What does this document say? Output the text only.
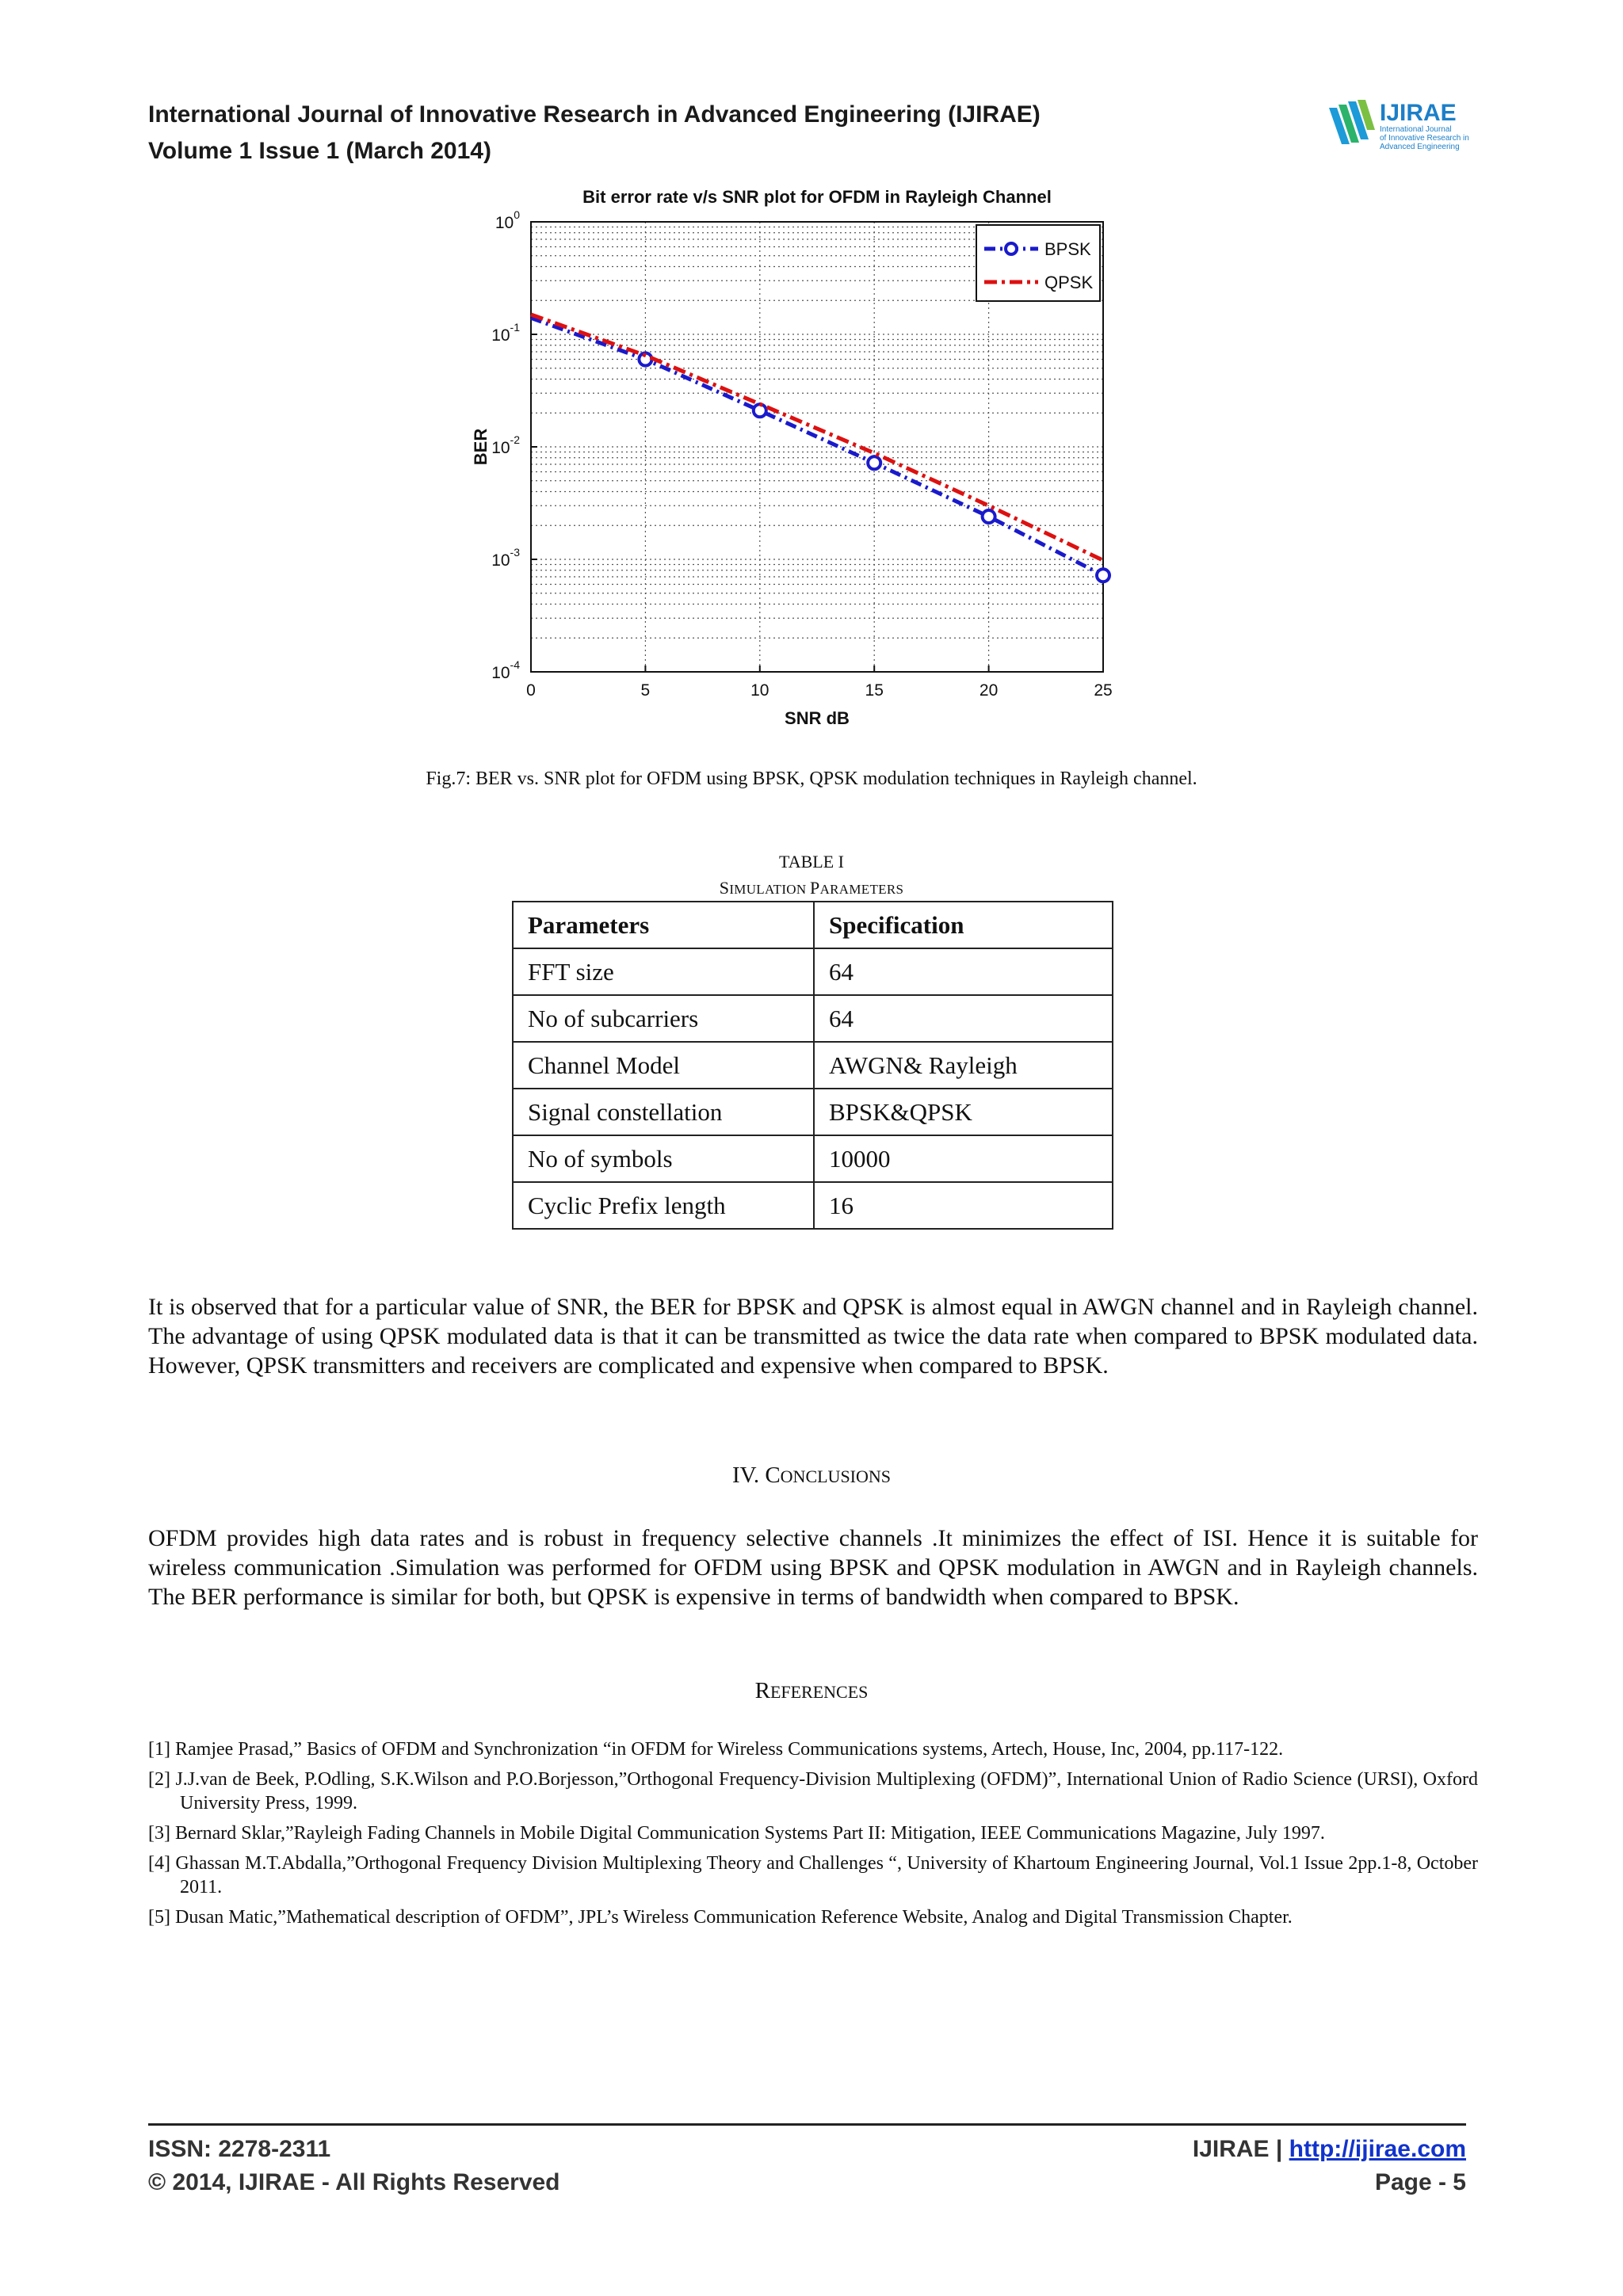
International Journal of Innovative Research in Advanced Engineering (IJIRAE)
Volume 1 Issue 1 (March 2014)
IJIRAE
International Journal
of Innovative Research in
Advanced Engineering
Bit error rate v/s SNR plot for OFDM in Rayleigh Channel
0	5	10	15	20	25
$10^0$
$10^{-1}$
$10^{-2}$
$10^{-3}$
$10^{-4}$
SNR dB
BER
BPSK
QPSK
Fig.7: BER vs. SNR plot for OFDM using BPSK, QPSK modulation techniques in Rayleigh channel.
TABLE I
SIMULATION PARAMETERS
Parameters	Specification
FFT size	64
No of subcarriers	64
Channel Model	AWGN& Rayleigh
Signal constellation	BPSK&QPSK
No of symbols	10000
Cyclic Prefix length	16
It is observed that for a particular value of SNR, the BER for BPSK and QPSK is almost equal in AWGN channel and in Rayleigh channel. The advantage of using QPSK modulated data is that it can be transmitted as twice the data rate when compared to BPSK modulated data. However, QPSK transmitters and receivers are complicated and expensive when compared to BPSK.
IV. CONCLUSIONS
OFDM provides high data rates and is robust in frequency selective channels .It minimizes the effect of ISI. Hence it is suitable for wireless communication .Simulation was performed for OFDM using BPSK and QPSK modulation in AWGN and in Rayleigh channels. The BER performance is similar for both, but QPSK is expensive in terms of bandwidth when compared to BPSK.
REFERENCES
[1] Ramjee Prasad,” Basics of OFDM and Synchronization “in OFDM for Wireless Communications systems, Artech, House, Inc, 2004, pp.117-122.
[2] J.J.van de Beek, P.Odling, S.K.Wilson and P.O.Borjesson,”Orthogonal Frequency-Division Multiplexing (OFDM)”, International Union of Radio Science (URSI), Oxford University Press, 1999.
[3] Bernard Sklar,”Rayleigh Fading Channels in Mobile Digital Communication Systems Part II: Mitigation, IEEE Communications Magazine, July 1997.
[4] Ghassan M.T.Abdalla,”Orthogonal Frequency Division Multiplexing Theory and Challenges “, University of Khartoum Engineering Journal, Vol.1 Issue 2pp.1-8, October 2011.
[5] Dusan Matic,”Mathematical description of OFDM”, JPL’s Wireless Communication Reference Website, Analog and Digital Transmission Chapter.
ISSN: 2278-2311
© 2014, IJIRAE - All Rights Reserved
IJIRAE | http://ijirae.com
Page - 5
